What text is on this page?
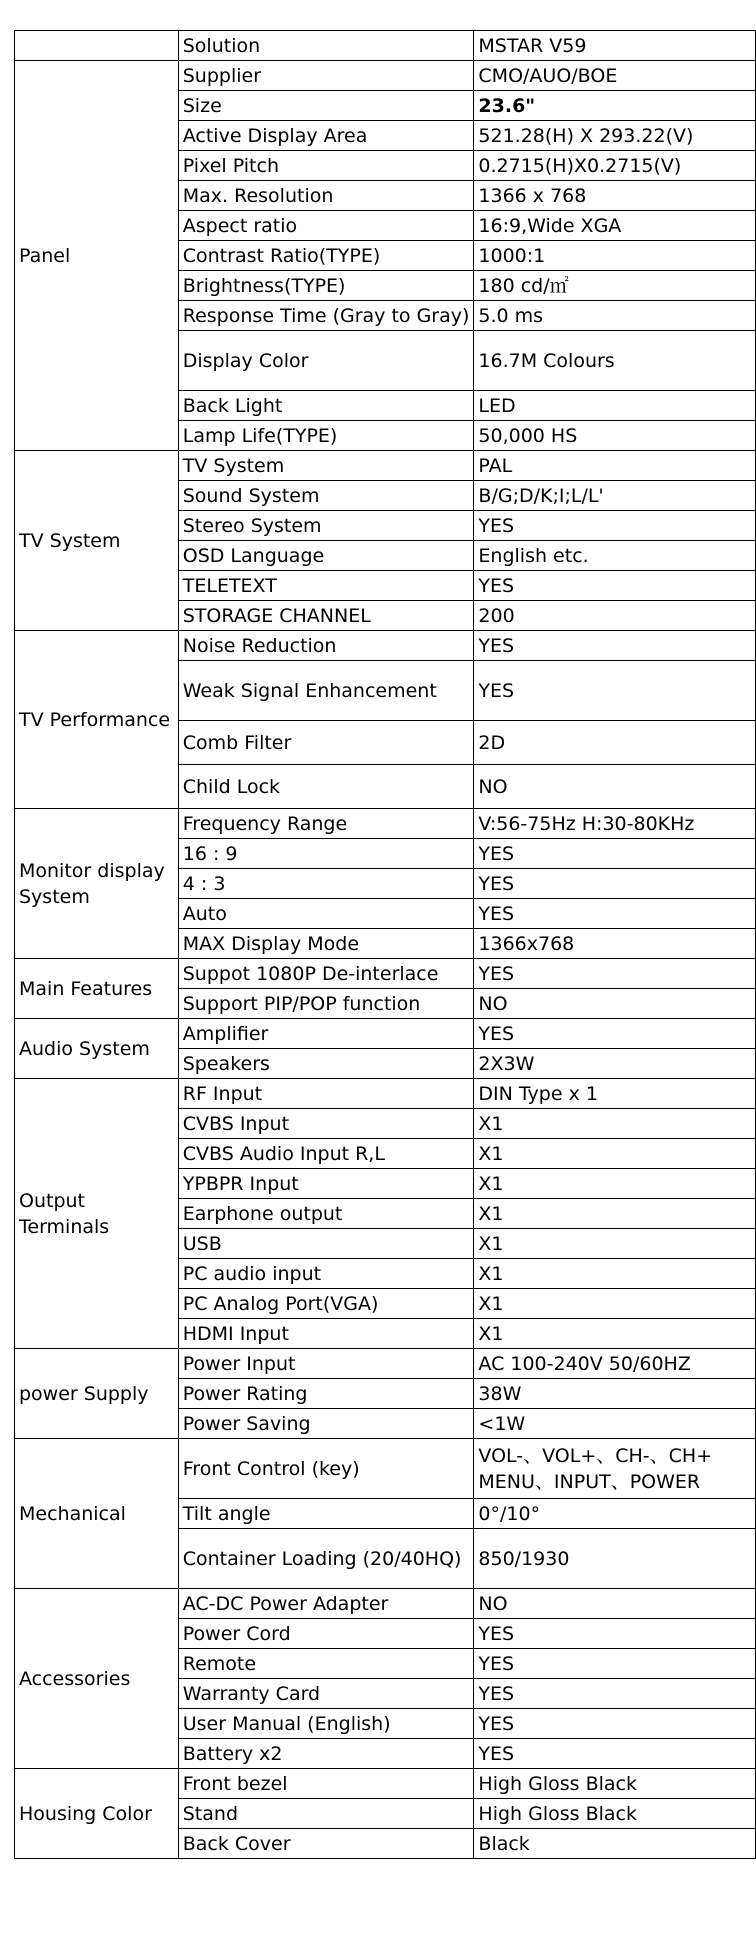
	Solution	MSTAR V59
Panel	Supplier	CMO/AUO/BOE
	Size	23.6"
	Active Display Area	521.28(H) X 293.22(V)
	Pixel Pitch	0.2715(H)X0.2715(V)
	Max. Resolution	1366 x 768
	Aspect ratio	16:9,Wide XGA
	Contrast Ratio(TYPE)	1000:1
	Brightness(TYPE)	180 cd/㎡
	Response Time (Gray to Gray)	5.0 ms
	Display Color	16.7M Colours
	Back Light	LED
	Lamp Life(TYPE)	50,000 HS
TV System	TV System	PAL
	Sound System	B/G;D/K;I;L/L'
	Stereo System	YES
	OSD Language	English etc.
	TELETEXT	YES
	STORAGE CHANNEL	200
TV Performance	Noise Reduction	YES
	Weak Signal Enhancement	YES
	Comb Filter	2D
	Child Lock	NO
Monitor display System	Frequency Range	V:56-75Hz H:30-80KHz
	16 : 9	YES
	4 : 3	YES
	Auto	YES
	MAX Display Mode	1366x768
Main Features	Suppot 1080P De-interlace	YES
	Support PIP/POP function	NO
Audio System	Amplifier	YES
	Speakers	2X3W
Output Terminals	RF Input	DIN Type x 1
	CVBS Input	X1
	CVBS Audio Input R,L	X1
	YPBPR Input	X1
	Earphone output	X1
	USB	X1
	PC audio input	X1
	PC Analog Port(VGA)	X1
	HDMI Input	X1
power Supply	Power Input	AC 100-240V 50/60HZ
	Power Rating	38W
	Power Saving	<1W
Mechanical	Front Control (key)	VOL-、VOL+、CH-、CH+ MENU、INPUT、POWER
	Tilt angle	0°/10°
	Container Loading (20/40HQ)	850/1930
Accessories	AC-DC Power Adapter	NO
	Power Cord	YES
	Remote	YES
	Warranty Card	YES
	User Manual (English)	YES
	Battery x2	YES
Housing Color	Front bezel	High Gloss Black
	Stand	High Gloss Black
	Back Cover	Black
